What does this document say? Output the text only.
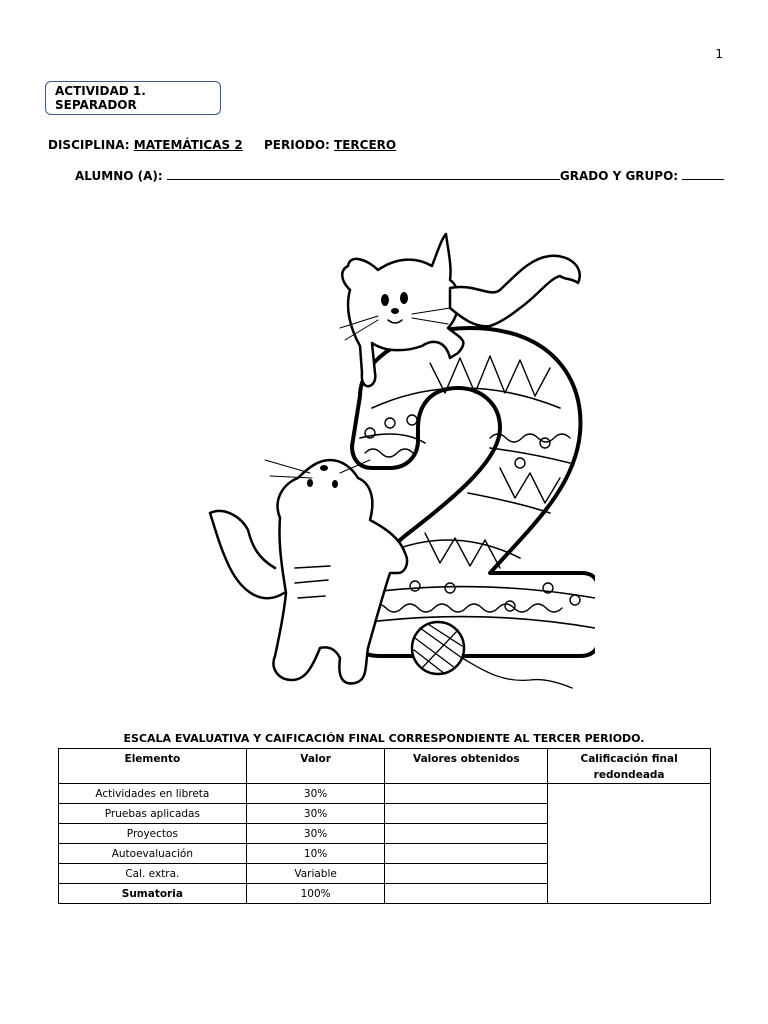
1
ACTIVIDAD 1. SEPARADOR
DISCIPLINA: MATEMÁTICAS 2 PERIODO: TERCERO
ALUMNO (A):	GRADO Y GRUPO:
ESCALA EVALUATIVA Y CAIFICACIÓN FINAL CORRESPONDIENTE AL TERCER PERIODO.
Elemento	Valor	Valores obtenidos	Calificación final redondeada
Actividades en libreta	30%		
Pruebas aplicadas	30%		
Proyectos	30%		
Autoevaluación	10%		
Cal. extra.	Variable		
Sumatoria	100%		
